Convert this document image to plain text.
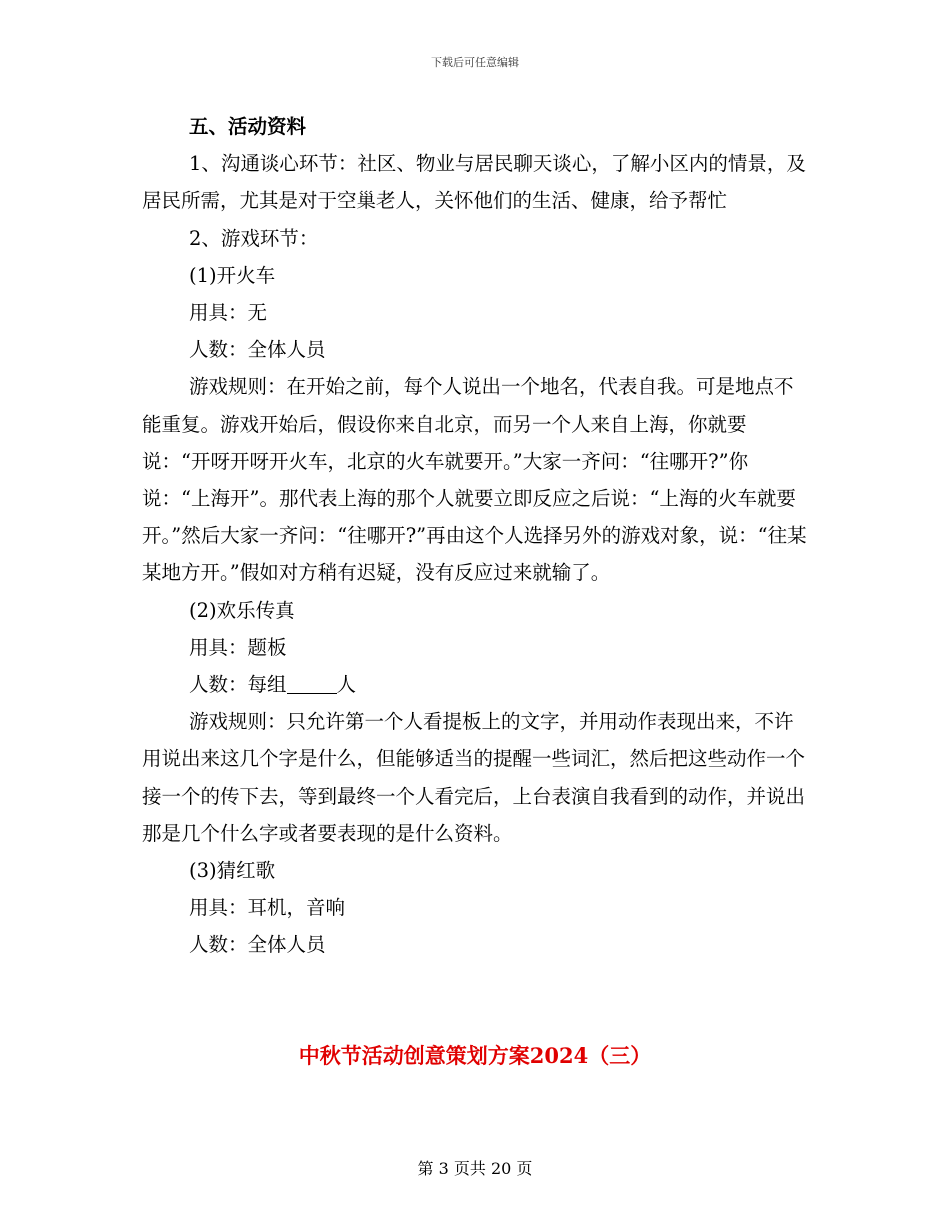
下载后可任意编辑

五、活动资料

1、沟通谈心环节：社区、物业与居民聊天谈心，了解小区内的情景，及居民所需，尤其是对于空巢老人，关怀他们的生活、健康，给予帮忙

2、游戏环节：

(1)开火车

用具：无

人数：全体人员

游戏规则：在开始之前，每个人说出一个地名，代表自我。可是地点不能重复。游戏开始后，假设你来自北京，而另一个人来自上海，你就要说：“开呀开呀开火车，北京的火车就要开。”大家一齐问：“往哪开?”你说：“上海开”。那代表上海的那个人就要立即反应之后说：“上海的火车就要开。”然后大家一齐问：“往哪开?”再由这个人选择另外的游戏对象，说：“往某某地方开。”假如对方稍有迟疑，没有反应过来就输了。

(2)欢乐传真

用具：题板

人数：每组	人

游戏规则：只允许第一个人看提板上的文字，并用动作表现出来，不许用说出来这几个字是什么，但能够适当的提醒一些词汇，然后把这些动作一个接一个的传下去，等到最终一个人看完后，上台表演自我看到的动作，并说出那是几个什么字或者要表现的是什么资料。

(3)猜红歌

用具：耳机，音响

人数：全体人员

中秋节活动创意策划方案2024（三）
第 3 页共 20 页
